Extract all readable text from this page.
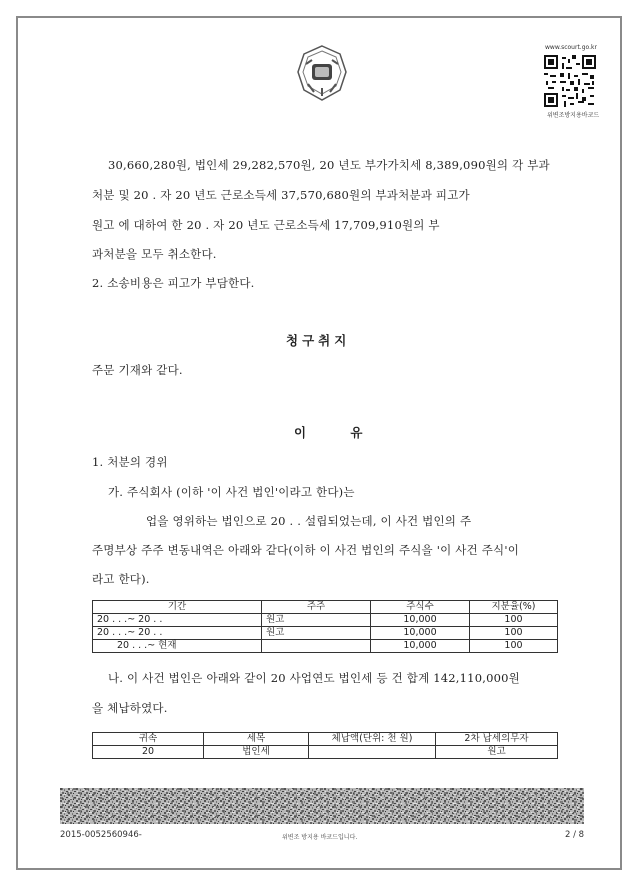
www.scourt.go.kr
위변조방지용바코드
30,660,280원, 법인세 29,282,570원, 20 년도 부가가치세 8,389,090원의 각 부과
처분 및 20 . 자 20 년도 근로소득세 37,570,680원의 부과처분과 피고가
원고 에 대하여 한 20 . 자 20 년도 근로소득세 17,709,910원의 부
과처분을 모두 취소한다.
2. 소송비용은 피고가 부담한다.
청구취지
주문 기재와 같다.
이 유
1. 처분의 경위
가. 주식회사 (이하 '이 사건 법인'이라고 한다)는
업을 영위하는 법인으로 20 . . 설립되었는데, 이 사건 법인의 주
주명부상 주주 변동내역은 아래와 같다(이하 이 사건 법인의 주식을 '이 사건 주식'이
라고 한다).
기간	주주	주식수	지분율(%)
20 . . .~ 20 . .	원고	10,000	100
20 . . .~ 20 . .	원고	10,000	100
20 . . .~ 현재		10,000	100
나. 이 사건 법인은 아래와 같이 20 사업연도 법인세 등 건 합계 142,110,000원
을 체납하였다.
귀속	세목	체납액(단위: 천 원)	2차 납세의무자
20	법인세		원고
2015-0052560946-	위변조 방지용 바코드입니다.	2 / 8
